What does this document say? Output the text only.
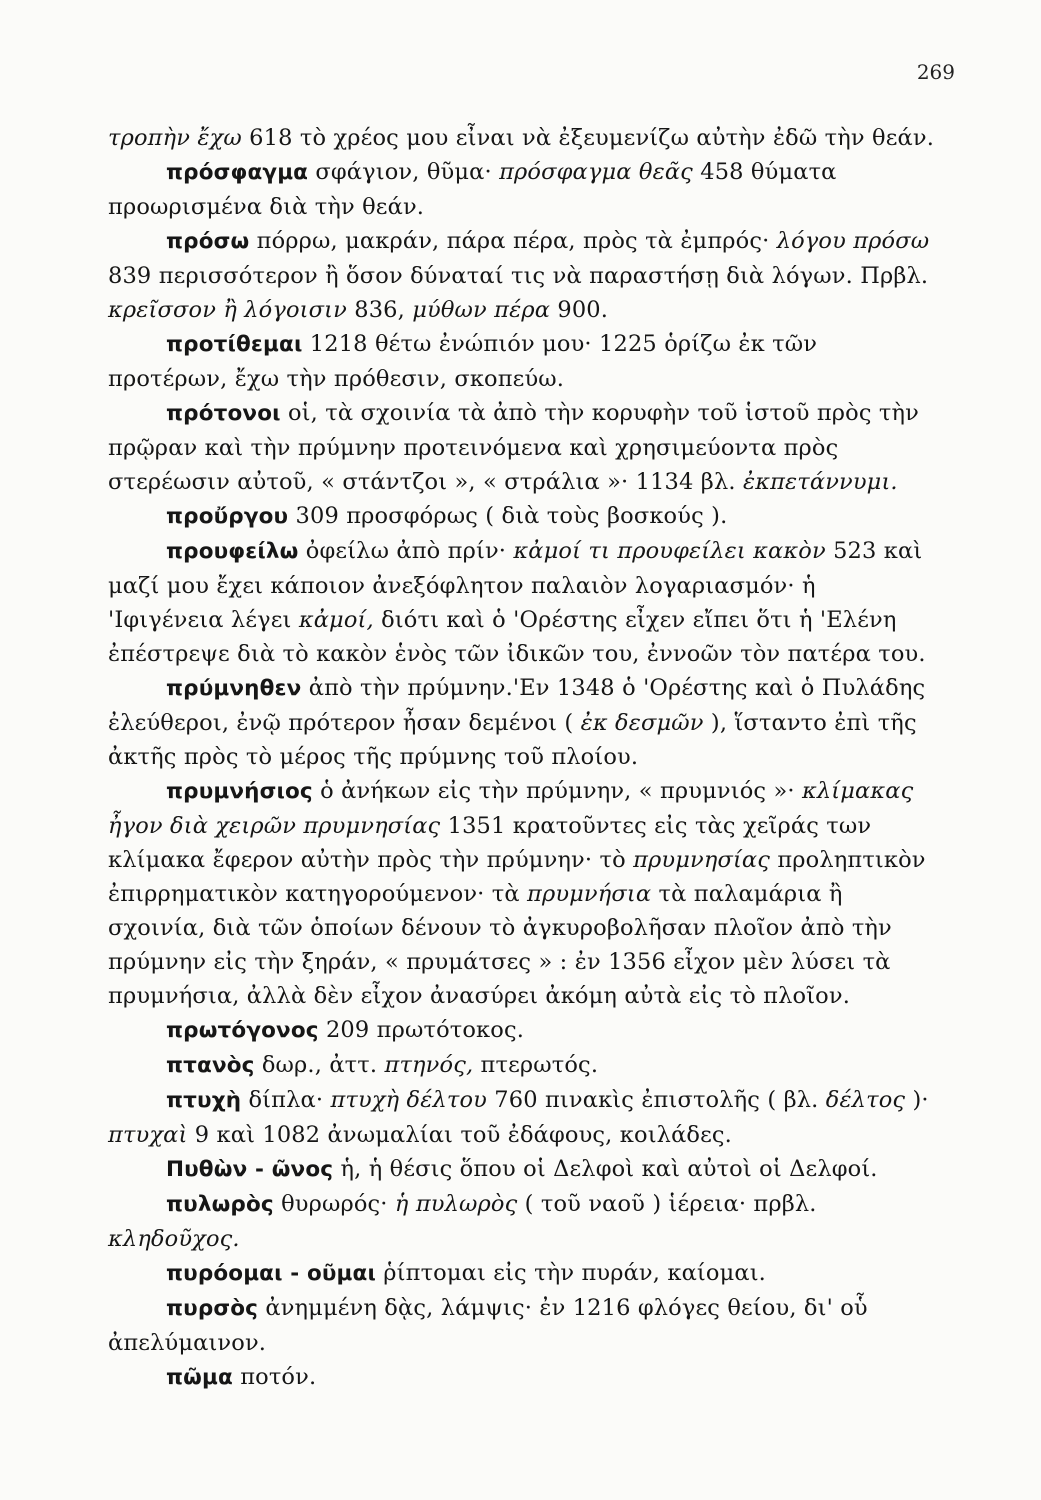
269

τροπὴν ἔχω 618 τὸ χρέος μου εἶναι νὰ ἐξευμενίζω αὐτὴν ἐδῶ τὴν θεάν.

πρόσφαγμα σφάγιον, θῦμα· πρόσφαγμα θεᾶς 458 θύματα προωρισμένα διὰ τὴν θεάν.

πρόσω πόρρω, μακράν, πάρα πέρα, πρὸς τὰ ἐμπρός· λόγου πρόσω 839 περισσότερον ἢ ὅσον δύναταί τις νὰ παραστήσῃ διὰ λόγων. Πρβλ. κρεῖσσον ἢ λόγοισιν 836, μύθων πέρα 900.

προτίθεμαι 1218 θέτω ἐνώπιόν μου· 1225 ὁρίζω ἐκ τῶν προτέρων, ἔχω τὴν πρόθεσιν, σκοπεύω.

πρότονοι οἱ, τὰ σχοινία τὰ ἀπὸ τὴν κορυφὴν τοῦ ἱστοῦ πρὸς τὴν πρῷραν καὶ τὴν πρύμνην προτεινόμενα καὶ χρησιμεύοντα πρὸς στερέωσιν αὐτοῦ, « στάντζοι », « στράλια »· 1134 βλ. ἐκπετάννυμι.

προὔργου 309 προσφόρως ( διὰ τοὺς βοσκούς ).

προυφείλω ὀφείλω ἀπὸ πρίν· κἀμοί τι προυφείλει κακὸν 523 καὶ μαζί μου ἔχει κάποιον ἀνεξόφλητον παλαιὸν λογαριασμόν· ἡ 'Ιφιγένεια λέγει κἀμοί, διότι καὶ ὁ 'Ορέστης εἶχεν εἴπει ὅτι ἡ 'Ελένη ἐπέστρεψε διὰ τὸ κακὸν ἑνὸς τῶν ἰδικῶν του, ἐννοῶν τὸν πατέρα του.

πρύμνηθεν ἀπὸ τὴν πρύμνην.'Εν 1348 ὁ 'Ορέστης καὶ ὁ Πυλάδης ἐλεύθεροι, ἐνῷ πρότερον ἦσαν δεμένοι ( ἐκ δεσμῶν ), ἵσταντο ἐπὶ τῆς ἀκτῆς πρὸς τὸ μέρος τῆς πρύμνης τοῦ πλοίου.

πρυμνήσιος ὁ ἀνήκων εἰς τὴν πρύμνην, « πρυμνιός »· κλίμακας ἦγον διὰ χειρῶν πρυμνησίας 1351 κρατοῦντες εἰς τὰς χεῖράς των κλίμακα ἔφερον αὐτὴν πρὸς τὴν πρύμνην· τὸ πρυμνησίας προληπτικὸν ἐπιρρηματικὸν κατηγορούμενον· τὰ πρυμνήσια τὰ παλαμάρια ἢ σχοινία, διὰ τῶν ὁποίων δένουν τὸ ἀγκυροβολῆσαν πλοῖον ἀπὸ τὴν πρύμνην εἰς τὴν ξηράν, « πρυμάτσες » : ἐν 1356 εἶχον μὲν λύσει τὰ πρυμνήσια, ἀλλὰ δὲν εἶχον ἀνασύρει ἀκόμη αὐτὰ εἰς τὸ πλοῖον.

πρωτόγονος 209 πρωτότοκος.

πτανὸς δωρ., ἀττ. πτηνός, πτερωτός.

πτυχὴ δίπλα· πτυχὴ δέλτου 760 πινακὶς ἐπιστολῆς ( βλ. δέλτος )· πτυχαὶ 9 καὶ 1082 ἀνωμαλίαι τοῦ ἐδάφους, κοιλάδες.

Πυθὼν - ῶνος ἡ, ἡ θέσις ὅπου οἱ Δελφοὶ καὶ αὐτοὶ οἱ Δελφοί.

πυλωρὸς θυρωρός· ἡ πυλωρὸς ( τοῦ ναοῦ ) ἱέρεια· πρβλ. κληδοῦχος.

πυρόομαι - οῦμαι ῥίπτομαι εἰς τὴν πυράν, καίομαι.

πυρσὸς ἀνημμένη δᾲς, λάμψις· ἐν 1216 φλόγες θείου, δι' οὗ ἀπελύμαινον.

πῶμα ποτόν.
